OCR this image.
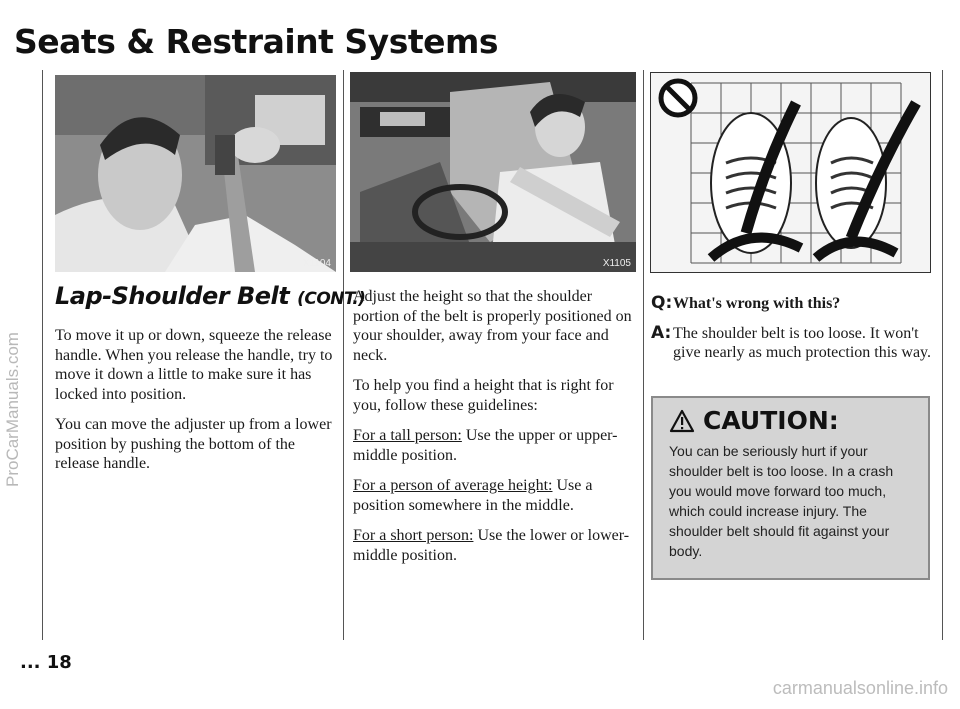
Seats & Restraint Systems
ProCarManuals.com
X1104	X1105
Lap-Shoulder Belt (CONT.)

To move it up or down, squeeze the release handle. When you release the handle, try to move it down a little to make sure it has locked into position.

You can move the adjuster up from a lower position by pushing the bottom of the release handle.

Adjust the height so that the shoulder portion of the belt is properly positioned on your shoulder, away from your face and neck.

To help you find a height that is right for you, follow these guidelines:

For a tall person: Use the upper or upper-middle position.

For a person of average height: Use a position somewhere in the middle.

For a short person: Use the lower or lower-middle position.

Q: What's wrong with this?
A: The shoulder belt is too loose. It won't give nearly as much protection this way.
CAUTION:

You can be seriously hurt if your shoulder belt is too loose. In a crash you would move forward too much, which could increase injury. The shoulder belt should fit against your body.

... 18
carmanualsonline.info
